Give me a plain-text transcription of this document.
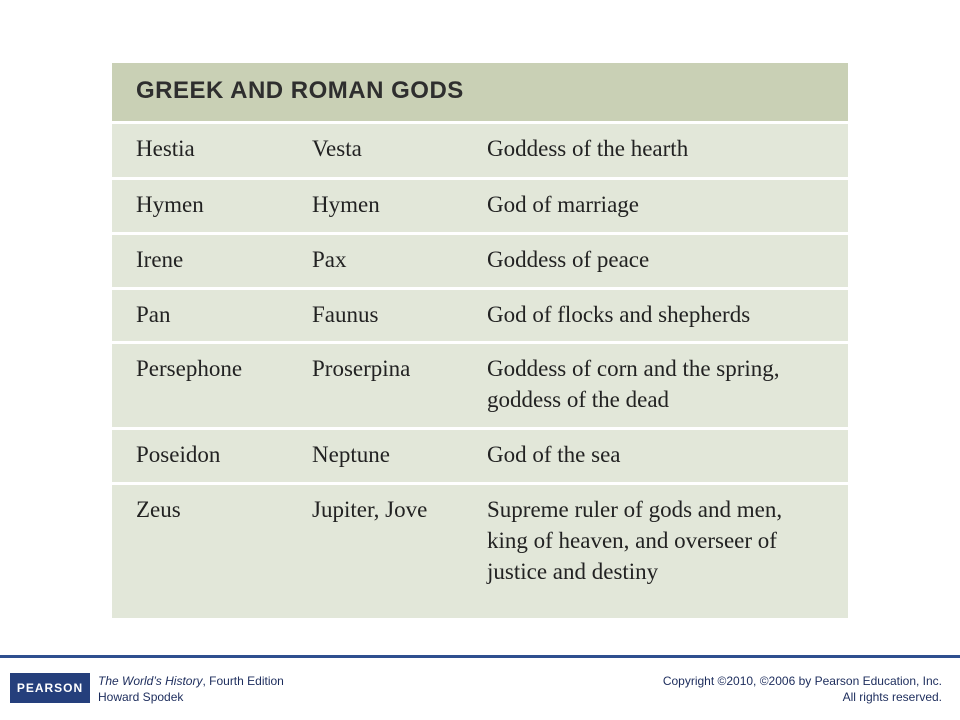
GREEK AND ROMAN GODS
Hestia	Vesta	Goddess of the hearth
Hymen	Hymen	God of marriage
Irene	Pax	Goddess of peace
Pan	Faunus	God of flocks and shepherds
Persephone	Proserpina	Goddess of corn and the spring,
goddess of the dead
Poseidon	Neptune	God of the sea
Zeus	Jupiter, Jove	Supreme ruler of gods and men,
king of heaven, and overseer of
justice and destiny
PEARSON	The World’s History, Fourth Edition
Howard Spodek
Copyright ©2010, ©2006 by Pearson Education, Inc.
All rights reserved.
